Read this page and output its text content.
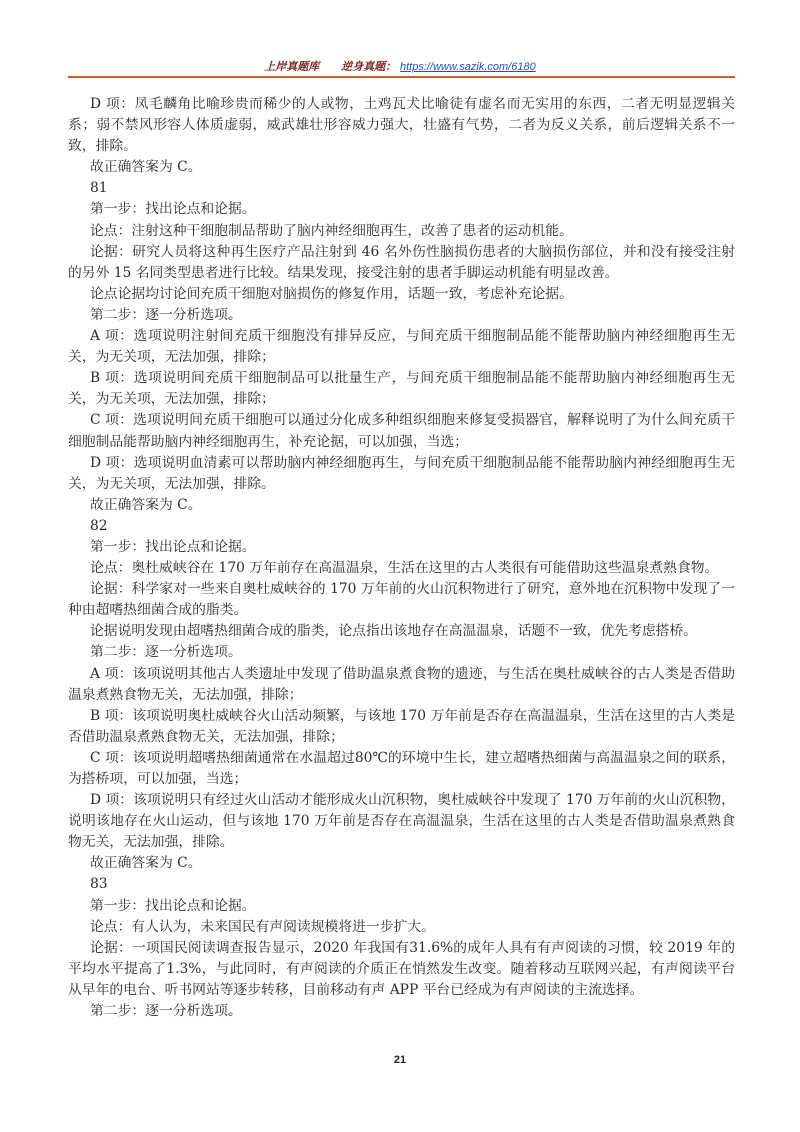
上岸真题库 逆身真题： https://www.sazik.com/6180

D 项：凤毛麟角比喻珍贵而稀少的人或物，土鸡瓦犬比喻徒有虚名而无实用的东西，二者无明显逻辑关系；弱不禁风形容人体质虚弱，威武雄壮形容威力强大，壮盛有气势，二者为反义关系，前后逻辑关系不一致，排除。

故正确答案为 C。

81

第一步：找出论点和论据。

论点：注射这种干细胞制品帮助了脑内神经细胞再生，改善了患者的运动机能。

论据：研究人员将这种再生医疗产品注射到 46 名外伤性脑损伤患者的大脑损伤部位，并和没有接受注射的另外 15 名同类型患者进行比较。结果发现，接受注射的患者手脚运动机能有明显改善。

论点论据均讨论间充质干细胞对脑损伤的修复作用，话题一致，考虑补充论据。

第二步：逐一分析选项。

A 项：选项说明注射间充质干细胞没有排异反应，与间充质干细胞制品能不能帮助脑内神经细胞再生无关，为无关项，无法加强，排除；

B 项：选项说明间充质干细胞制品可以批量生产，与间充质干细胞制品能不能帮助脑内神经细胞再生无关，为无关项，无法加强，排除；

C 项：选项说明间充质干细胞可以通过分化成多种组织细胞来修复受损器官，解释说明了为什么间充质干细胞制品能帮助脑内神经细胞再生，补充论据，可以加强，当选；

D 项：选项说明血清素可以帮助脑内神经细胞再生，与间充质干细胞制品能不能帮助脑内神经细胞再生无关，为无关项，无法加强，排除。

故正确答案为 C。

82

第一步：找出论点和论据。

论点：奥杜威峡谷在 170 万年前存在高温温泉，生活在这里的古人类很有可能借助这些温泉煮熟食物。

论据：科学家对一些来自奥杜威峡谷的 170 万年前的火山沉积物进行了研究，意外地在沉积物中发现了一种由超嗜热细菌合成的脂类。

论据说明发现由超嗜热细菌合成的脂类，论点指出该地存在高温温泉，话题不一致，优先考虑搭桥。

第二步：逐一分析选项。

A 项：该项说明其他古人类遗址中发现了借助温泉煮食物的遗迹，与生活在奥杜威峡谷的古人类是否借助温泉煮熟食物无关，无法加强，排除；

B 项：该项说明奥杜威峡谷火山活动频繁，与该地 170 万年前是否存在高温温泉，生活在这里的古人类是否借助温泉煮熟食物无关，无法加强，排除；

C 项：该项说明超嗜热细菌通常在水温超过80℃的环境中生长，建立超嗜热细菌与高温温泉之间的联系，为搭桥项，可以加强，当选；

D 项：该项说明只有经过火山活动才能形成火山沉积物，奥杜威峡谷中发现了 170 万年前的火山沉积物，说明该地存在火山运动，但与该地 170 万年前是否存在高温温泉，生活在这里的古人类是否借助温泉煮熟食物无关，无法加强，排除。

故正确答案为 C。

83

第一步：找出论点和论据。

论点：有人认为，未来国民有声阅读规模将进一步扩大。

论据：一项国民阅读调查报告显示，2020 年我国有31.6%的成年人具有有声阅读的习惯，较 2019 年的平均水平提高了1.3%，与此同时，有声阅读的介质正在悄然发生改变。随着移动互联网兴起，有声阅读平台从早年的电台、听书网站等逐步转移，目前移动有声 APP 平台已经成为有声阅读的主流选择。

第二步：逐一分析选项。

21
